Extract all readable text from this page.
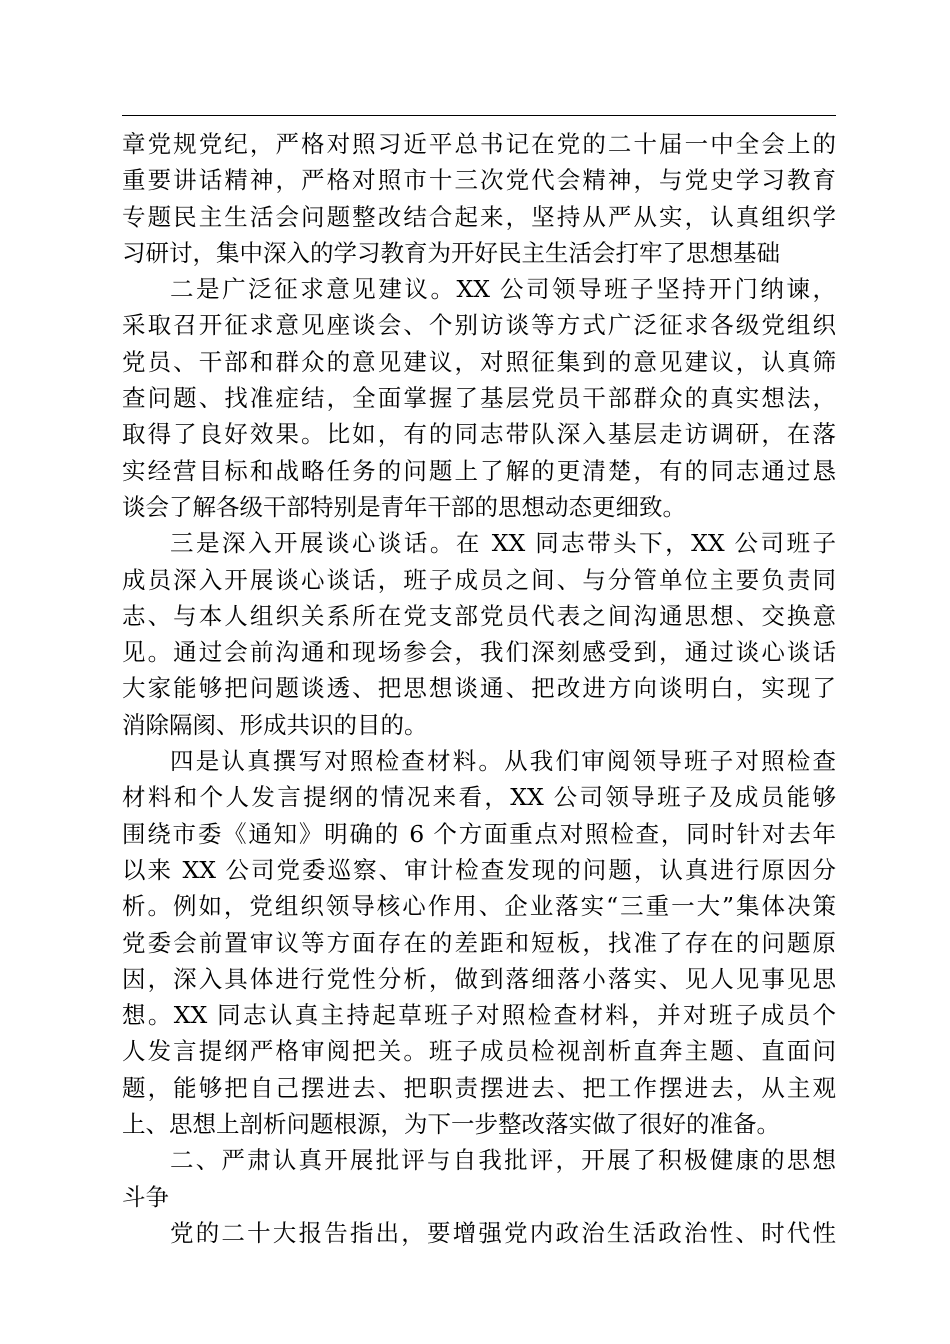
章党规党纪，严格对照习近平总书记在党的二十届一中全会上的
重要讲话精神，严格对照市十三次党代会精神，与党史学习教育
专题民主生活会问题整改结合起来，坚持从严从实，认真组织学
习研讨，集中深入的学习教育为开好民主生活会打牢了思想基础
二是广泛征求意见建议。XX 公司领导班子坚持开门纳谏，
采取召开征求意见座谈会、个别访谈等方式广泛征求各级党组织
党员、干部和群众的意见建议，对照征集到的意见建议，认真筛
查问题、找准症结，全面掌握了基层党员干部群众的真实想法，
取得了良好效果。比如，有的同志带队深入基层走访调研，在落
实经营目标和战略任务的问题上了解的更清楚，有的同志通过恳
谈会了解各级干部特别是青年干部的思想动态更细致。
三是深入开展谈心谈话。在 XX 同志带头下，XX 公司班子
成员深入开展谈心谈话，班子成员之间、与分管单位主要负责同
志、与本人组织关系所在党支部党员代表之间沟通思想、交换意
见。通过会前沟通和现场参会，我们深刻感受到，通过谈心谈话
大家能够把问题谈透、把思想谈通、把改进方向谈明白，实现了
消除隔阂、形成共识的目的。
四是认真撰写对照检查材料。从我们审阅领导班子对照检查
材料和个人发言提纲的情况来看，XX 公司领导班子及成员能够
围绕市委《通知》明确的 6 个方面重点对照检查，同时针对去年
以来 XX 公司党委巡察、审计检查发现的问题，认真进行原因分
析。例如，党组织领导核心作用、企业落实“三重一大”集体决策
党委会前置审议等方面存在的差距和短板，找准了存在的问题原
因，深入具体进行党性分析，做到落细落小落实、见人见事见思
想。XX 同志认真主持起草班子对照检查材料，并对班子成员个
人发言提纲严格审阅把关。班子成员检视剖析直奔主题、直面问
题，能够把自己摆进去、把职责摆进去、把工作摆进去，从主观
上、思想上剖析问题根源，为下一步整改落实做了很好的准备。
二、严肃认真开展批评与自我批评，开展了积极健康的思想
斗争
党的二十大报告指出，要增强党内政治生活政治性、时代性
